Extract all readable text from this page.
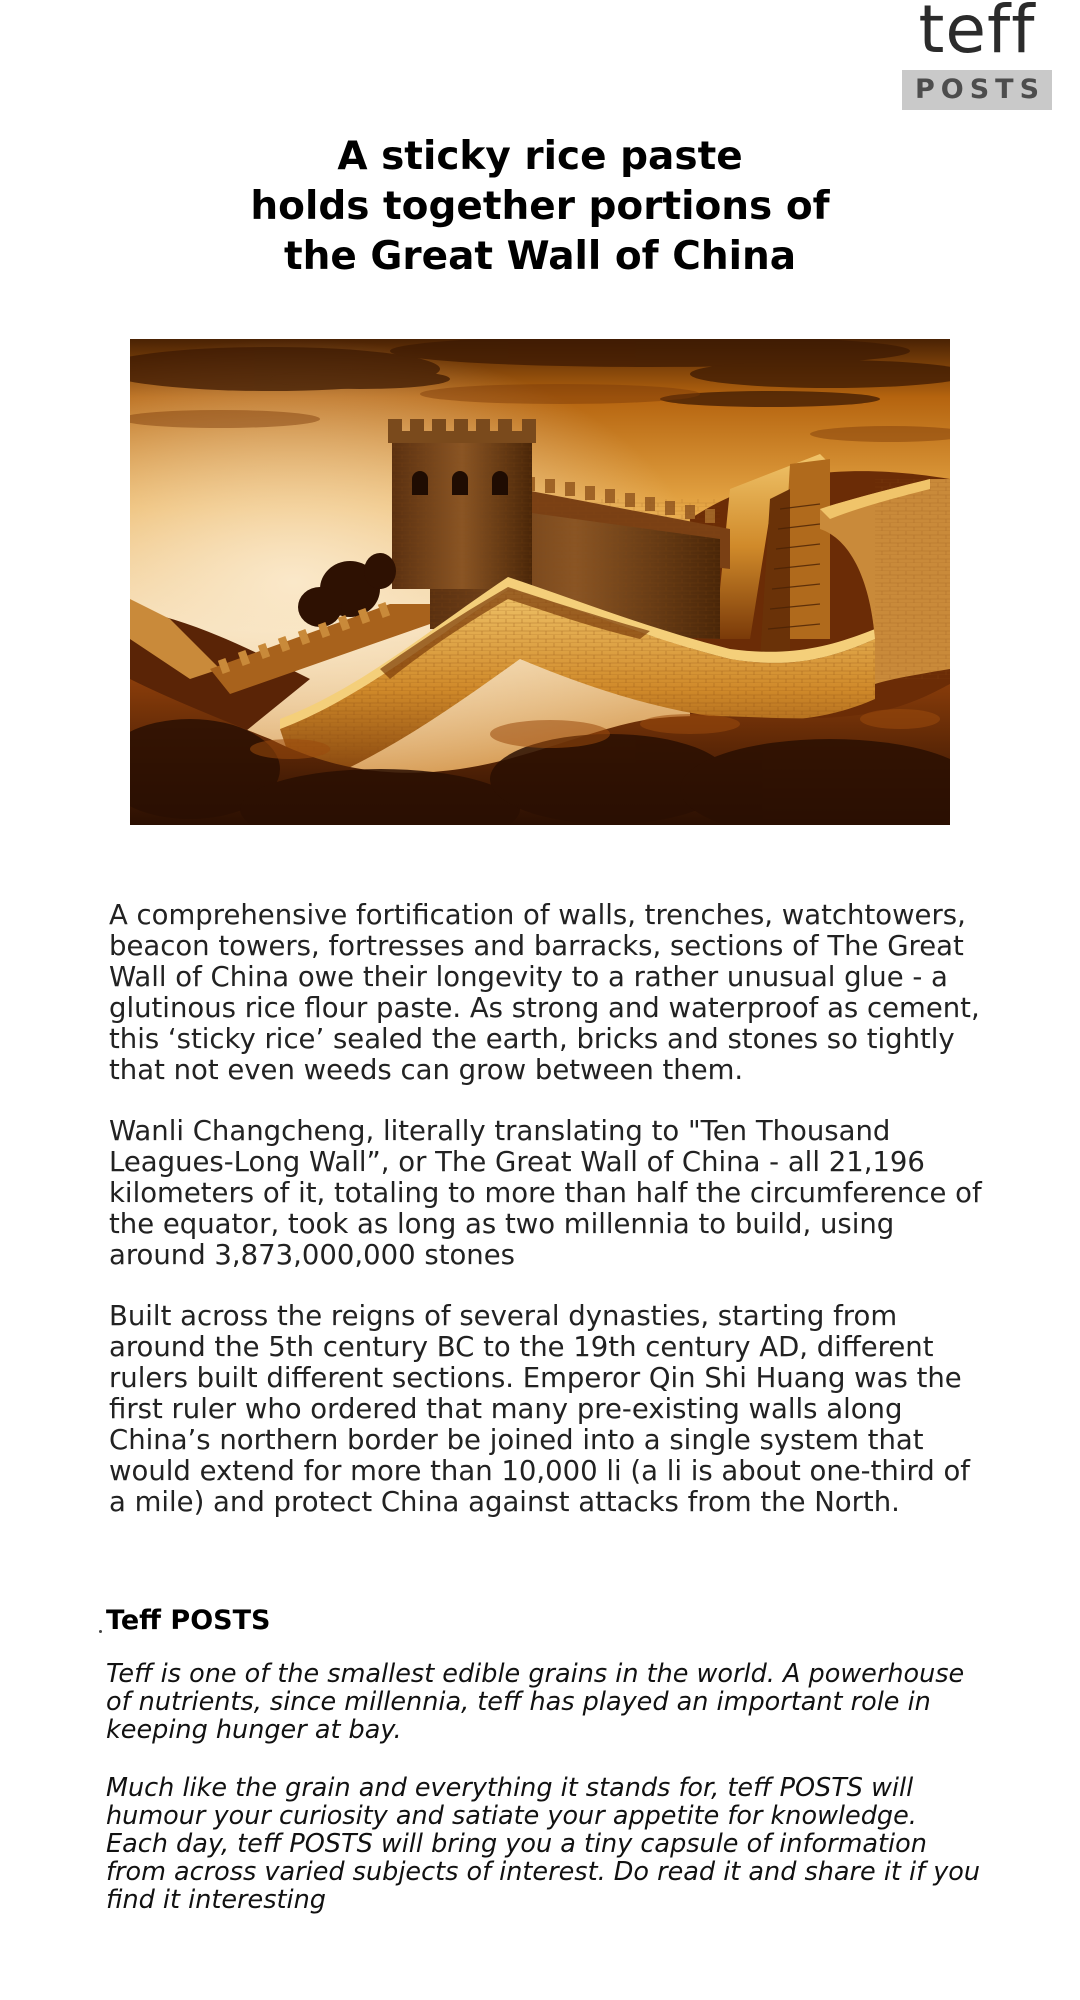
teff
POSTS
A sticky rice paste
holds together portions of
the Great Wall of China

A comprehensive fortification of walls, trenches, watchtowers, beacon towers, fortresses and barracks, sections of The Great Wall of China owe their longevity to a rather unusual glue - a glutinous rice flour paste. As strong and waterproof as cement, this ‘sticky rice’ sealed the earth, bricks and stones so tightly that not even weeds can grow between them.

Wanli Changcheng, literally translating to "Ten Thousand Leagues-Long Wall”, or The Great Wall of China - all 21,196 kilometers of it, totaling to more than half the circumference of the equator, took as long as two millennia to build, using around 3,873,000,000 stones

Built across the reigns of several dynasties, starting from around the 5th century BC to the 19th century AD, different rulers built different sections. Emperor Qin Shi Huang was the first ruler who ordered that many pre-existing walls along China’s northern border be joined into a single system that would extend for more than 10,000 li (a li is about one-third of a mile) and protect China against attacks from the North.

Teff POSTS

Teff is one of the smallest edible grains in the world. A powerhouse of nutrients, since millennia, teff has played an important role in keeping hunger at bay.

Much like the grain and everything it stands for, teff POSTS will humour your curiosity and satiate your appetite for knowledge. Each day, teff POSTS will bring you a tiny capsule of information from across varied subjects of interest. Do read it and share it if you find it interesting
